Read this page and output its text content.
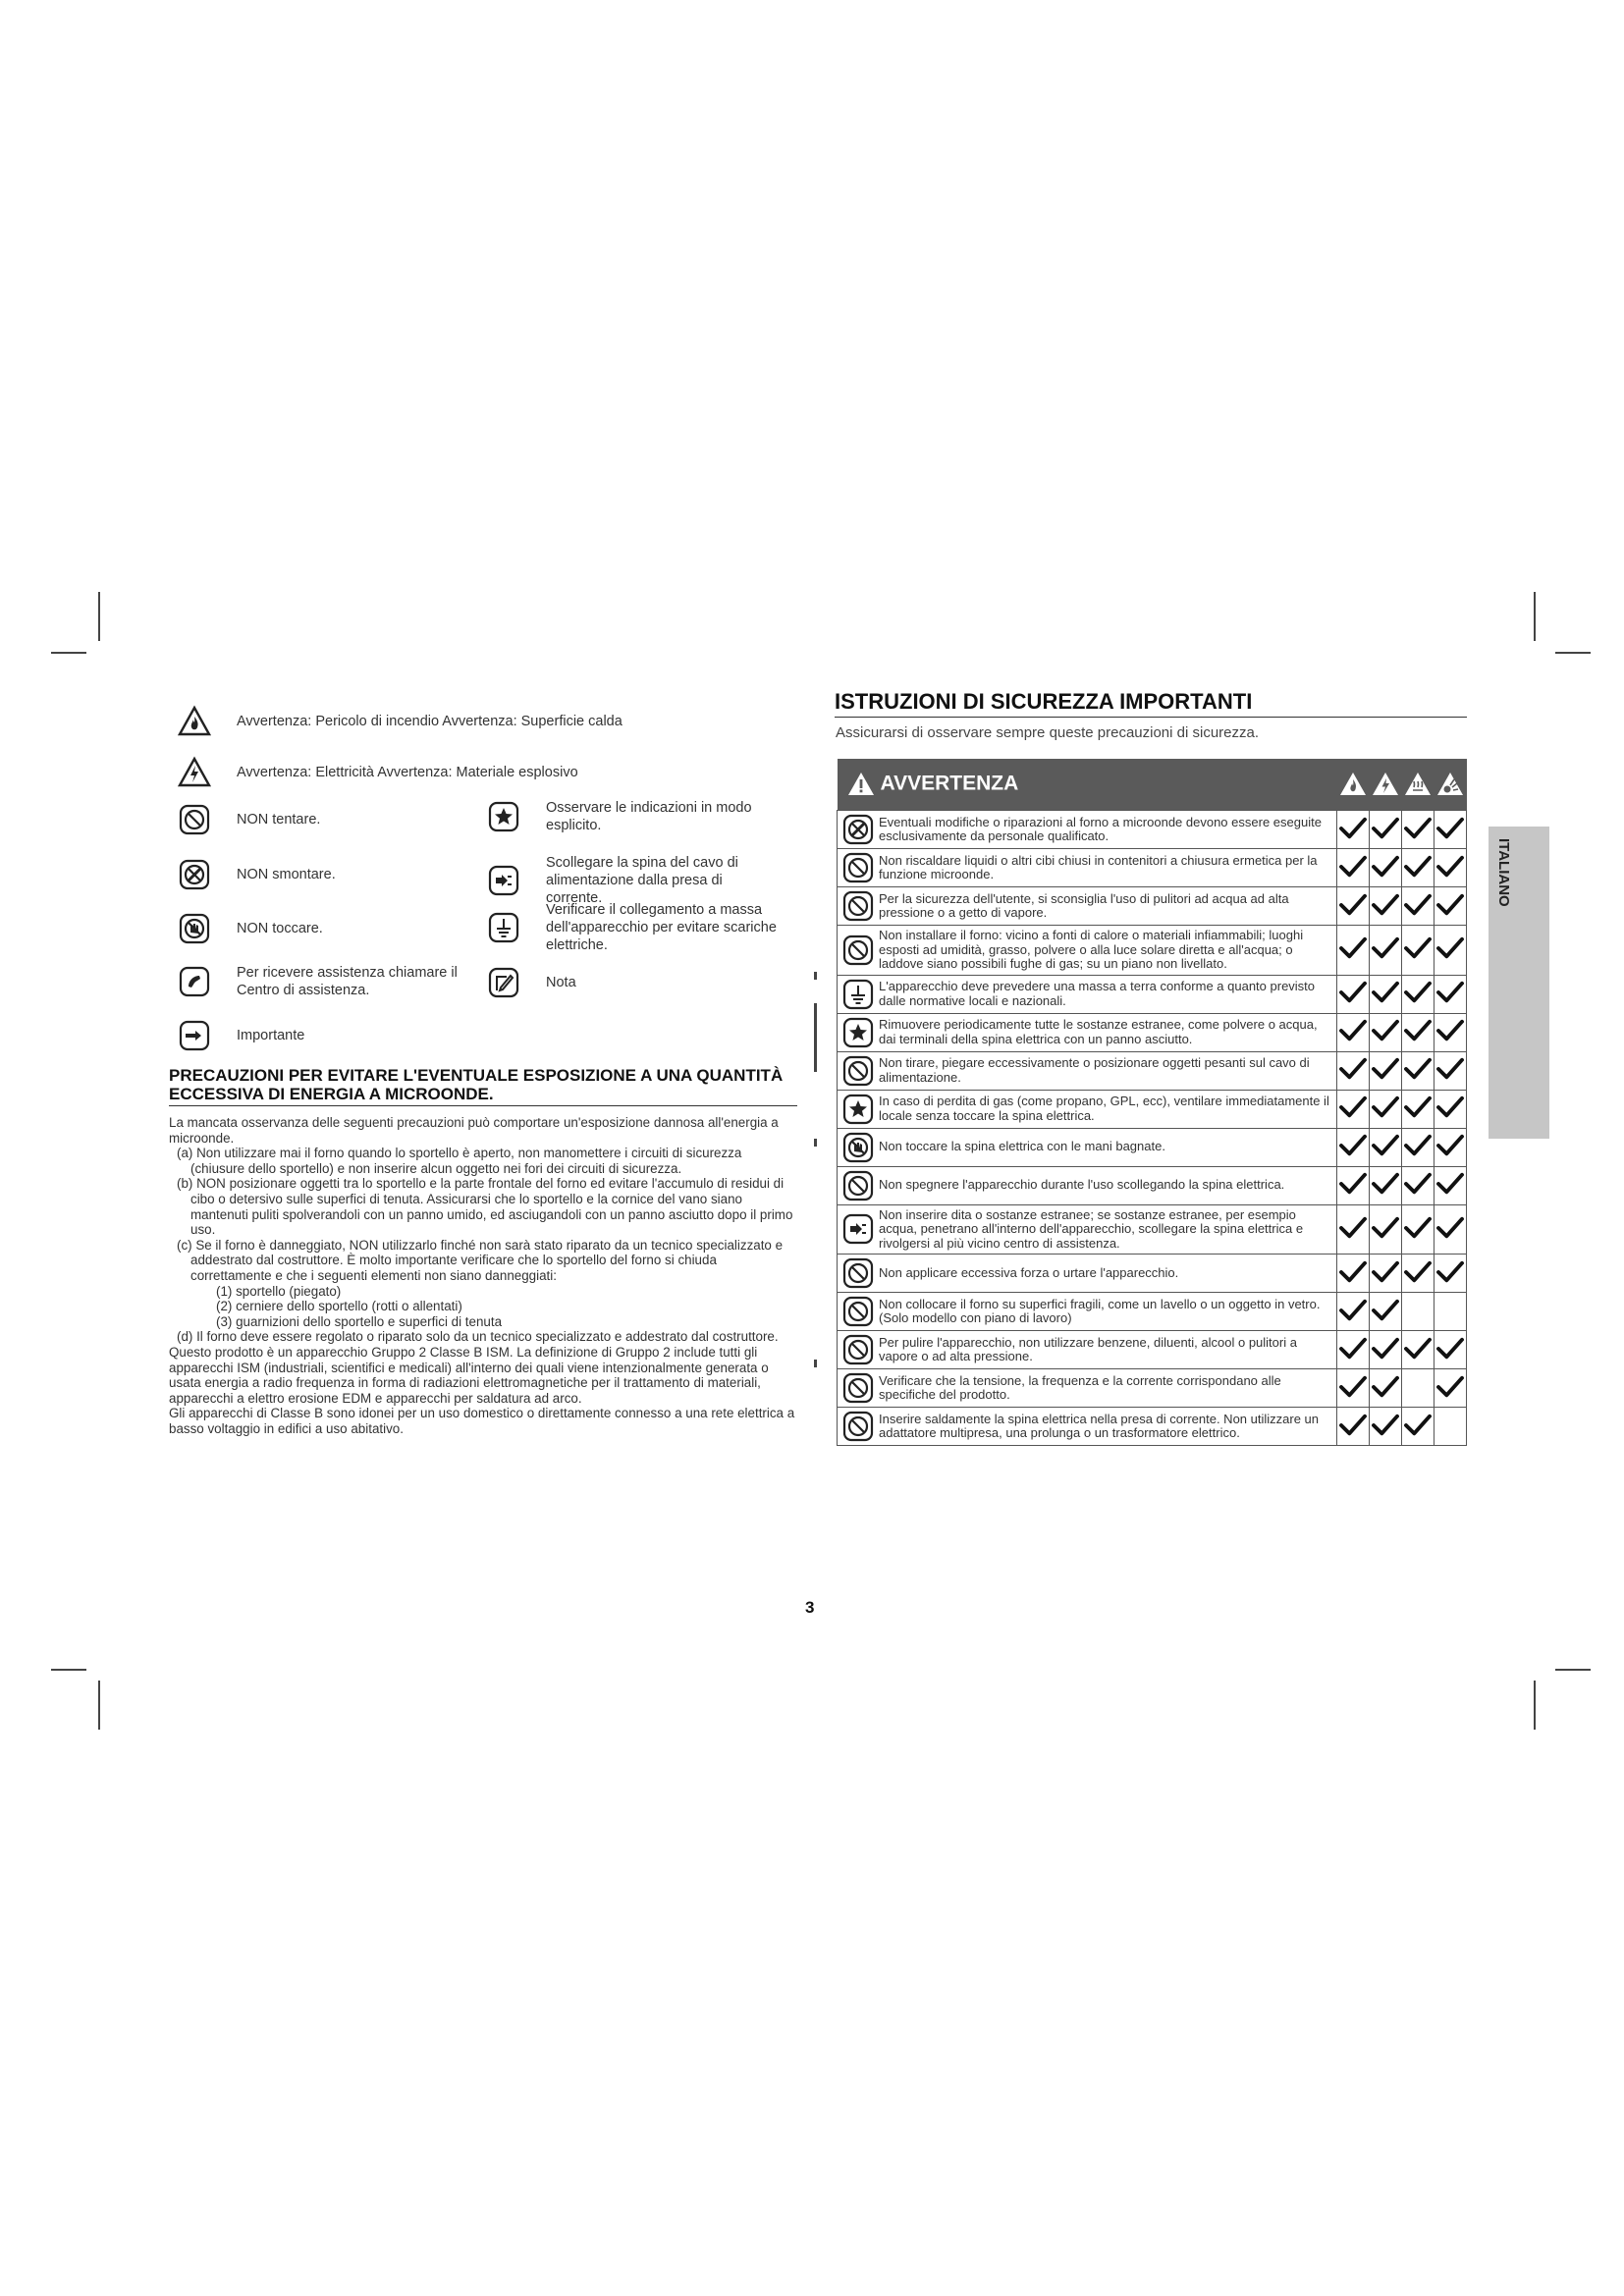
Avvertenza: Pericolo di incendio Avvertenza: Superficie calda
Avvertenza: Elettricità Avvertenza: Materiale esplosivo
NON tentare.
NON smontare.
NON toccare.
Per ricevere assistenza chiamare il Centro di assistenza.
Importante
Osservare le indicazioni in modo esplicito.
Scollegare la spina del cavo di alimentazione dalla presa di corrente.
Verificare il collegamento a massa dell'apparecchio per evitare scariche elettriche.
Nota
PRECAUZIONI PER EVITARE L'EVENTUALE ESPOSIZIONE A UNA QUANTITÀ ECCESSIVA DI ENERGIA A MICROONDE.

La mancata osservanza delle seguenti precauzioni può comportare un'esposizione dannosa all'energia a microonde.

(a) Non utilizzare mai il forno quando lo sportello è aperto, non manomettere i circuiti di sicurezza (chiusure dello sportello) e non inserire alcun oggetto nei fori dei circuiti di sicurezza.

(b) NON posizionare oggetti tra lo sportello e la parte frontale del forno ed evitare l'accumulo di residui di cibo o detersivo sulle superfici di tenuta. Assicurarsi che lo sportello e la cornice del vano siano mantenuti puliti spolverandoli con un panno umido, ed asciugandoli con un panno asciutto dopo il primo uso.

(c) Se il forno è danneggiato, NON utilizzarlo finché non sarà stato riparato da un tecnico specializzato e addestrato dal costruttore. È molto importante verificare che lo sportello del forno si chiuda correttamente e che i seguenti elementi non siano danneggiati:

(1) sportello (piegato)

(2) cerniere dello sportello (rotti o allentati)

(3) guarnizioni dello sportello e superfici di tenuta

(d) Il forno deve essere regolato o riparato solo da un tecnico specializzato e addestrato dal costruttore.

Questo prodotto è un apparecchio Gruppo 2 Classe B ISM. La definizione di Gruppo 2 include tutti gli apparecchi ISM (industriali, scientifici e medicali) all'interno dei quali viene intenzionalmente generata o usata energia a radio frequenza in forma di radiazioni elettromagnetiche per il trattamento di materiali, apparecchi a elettro erosione EDM e apparecchi per saldatura ad arco.

Gli apparecchi di Classe B sono idonei per un uso domestico o direttamente connesso a una rete elettrica a basso voltaggio in edifici a uso abitativo.

ISTRUZIONI DI SICUREZZA IMPORTANTI
Assicurarsi di osservare sempre queste precauzioni di sicurezza.
AVVERTENZA				

	Eventuali modifiche o riparazioni al forno a microonde devono essere eseguite esclusivamente da personale qualificato.				

	Non riscaldare liquidi o altri cibi chiusi in contenitori a chiusura ermetica per la funzione microonde.				

	Per la sicurezza dell'utente, si sconsiglia l'uso di pulitori ad acqua ad alta pressione o a getto di vapore.				

	Non installare il forno: vicino a fonti di calore o materiali infiammabili; luoghi esposti ad umidità, grasso, polvere o alla luce solare diretta e all'acqua; o laddove siano possibili fughe di gas; su un piano non livellato.				

	L'apparecchio deve prevedere una massa a terra conforme a quanto previsto dalle normative locali e nazionali.				

	Rimuovere periodicamente tutte le sostanze estranee, come polvere o acqua, dai terminali della spina elettrica con un panno asciutto.				

	Non tirare, piegare eccessivamente o posizionare oggetti pesanti sul cavo di alimentazione.				

	In caso di perdita di gas (come propano, GPL, ecc), ventilare immediatamente il locale senza toccare la spina elettrica.				

	Non toccare la spina elettrica con le mani bagnate.				

	Non spegnere l'apparecchio durante l'uso scollegando la spina elettrica.				

	Non inserire dita o sostanze estranee; se sostanze estranee, per esempio acqua, penetrano all'interno dell'apparecchio, scollegare la spina elettrica e rivolgersi al più vicino centro di assistenza.				

	Non applicare eccessiva forza o urtare l'apparecchio.				

	Non collocare il forno su superfici fragili, come un lavello o un oggetto in vetro. (Solo modello con piano di lavoro)				

	Per pulire l'apparecchio, non utilizzare benzene, diluenti, alcool o pulitori a vapore o ad alta pressione.				

	Verificare che la tensione, la frequenza e la corrente corrispondano alle specifiche del prodotto.				

	Inserire saldamente la spina elettrica nella presa di corrente. Non utilizzare un adattatore multipresa, una prolunga o un trasformatore elettrico.				
ITALIANO
3
